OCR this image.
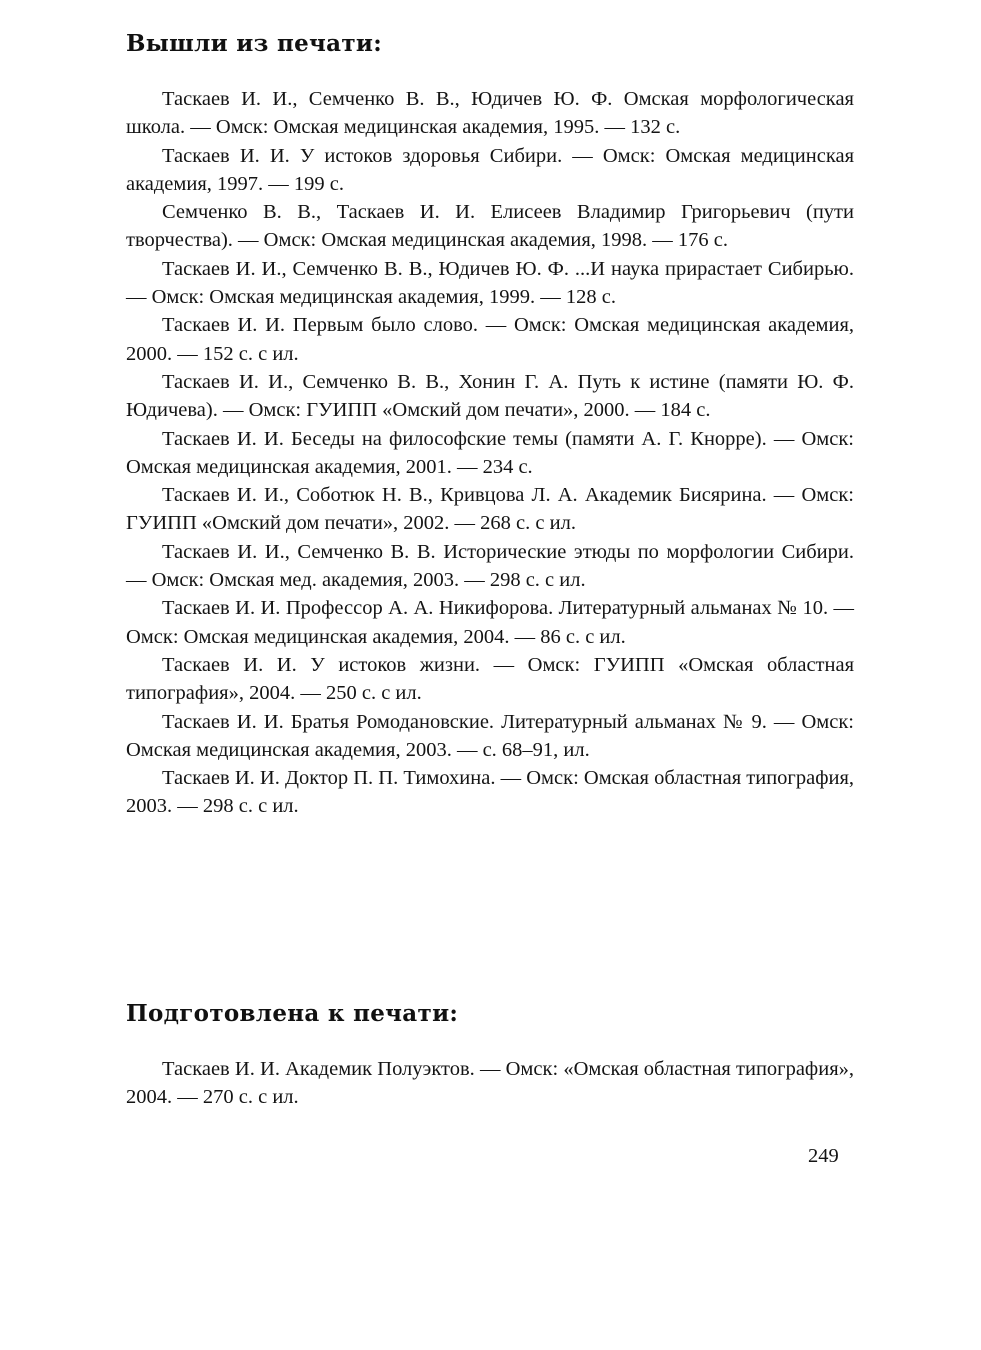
Вышли из печати:
Таскаев И. И., Семченко В. В., Юдичев Ю. Ф. Омская морфологическая школа. — Омск: Омская медицинская академия, 1995. — 132 с.
Таскаев И. И. У истоков здоровья Сибири. — Омск: Омская медицинская академия, 1997. — 199 с.
Семченко В. В., Таскаев И. И. Елисеев Владимир Григорьевич (пути творчества). — Омск: Омская медицинская академия, 1998. — 176 с.
Таскаев И. И., Семченко В. В., Юдичев Ю. Ф. ...И наука прирастает Сибирью. — Омск: Омская медицинская академия, 1999. — 128 с.
Таскаев И. И. Первым было слово. — Омск: Омская медицинская академия, 2000. — 152 с. с ил.
Таскаев И. И., Семченко В. В., Хонин Г. А. Путь к истине (памяти Ю. Ф. Юдичева). — Омск: ГУИПП «Омский дом печати», 2000. — 184 с.
Таскаев И. И. Беседы на философские темы (памяти А. Г. Кнорре). — Омск: Омская медицинская академия, 2001. — 234 с.
Таскаев И. И., Соботюк Н. В., Кривцова Л. А. Академик Бисярина. — Омск: ГУИПП «Омский дом печати», 2002. — 268 с. с ил.
Таскаев И. И., Семченко В. В. Исторические этюды по морфологии Сибири. — Омск: Омская мед. академия, 2003. — 298 с. с ил.
Таскаев И. И. Профессор А. А. Никифорова. Литературный альманах № 10. — Омск: Омская медицинская академия, 2004. — 86 с. с ил.
Таскаев И. И. У истоков жизни. — Омск: ГУИПП «Омская областная типография», 2004. — 250 с. с ил.
Таскаев И. И. Братья Ромодановские. Литературный альманах № 9. — Омск: Омская медицинская академия, 2003. — с. 68–91, ил.
Таскаев И. И. Доктор П. П. Тимохина. — Омск: Омская областная типография, 2003. — 298 с. с ил.
Подготовлена к печати:
Таскаев И. И. Академик Полуэктов. — Омск: «Омская областная типография», 2004. — 270 с. с ил.
249
